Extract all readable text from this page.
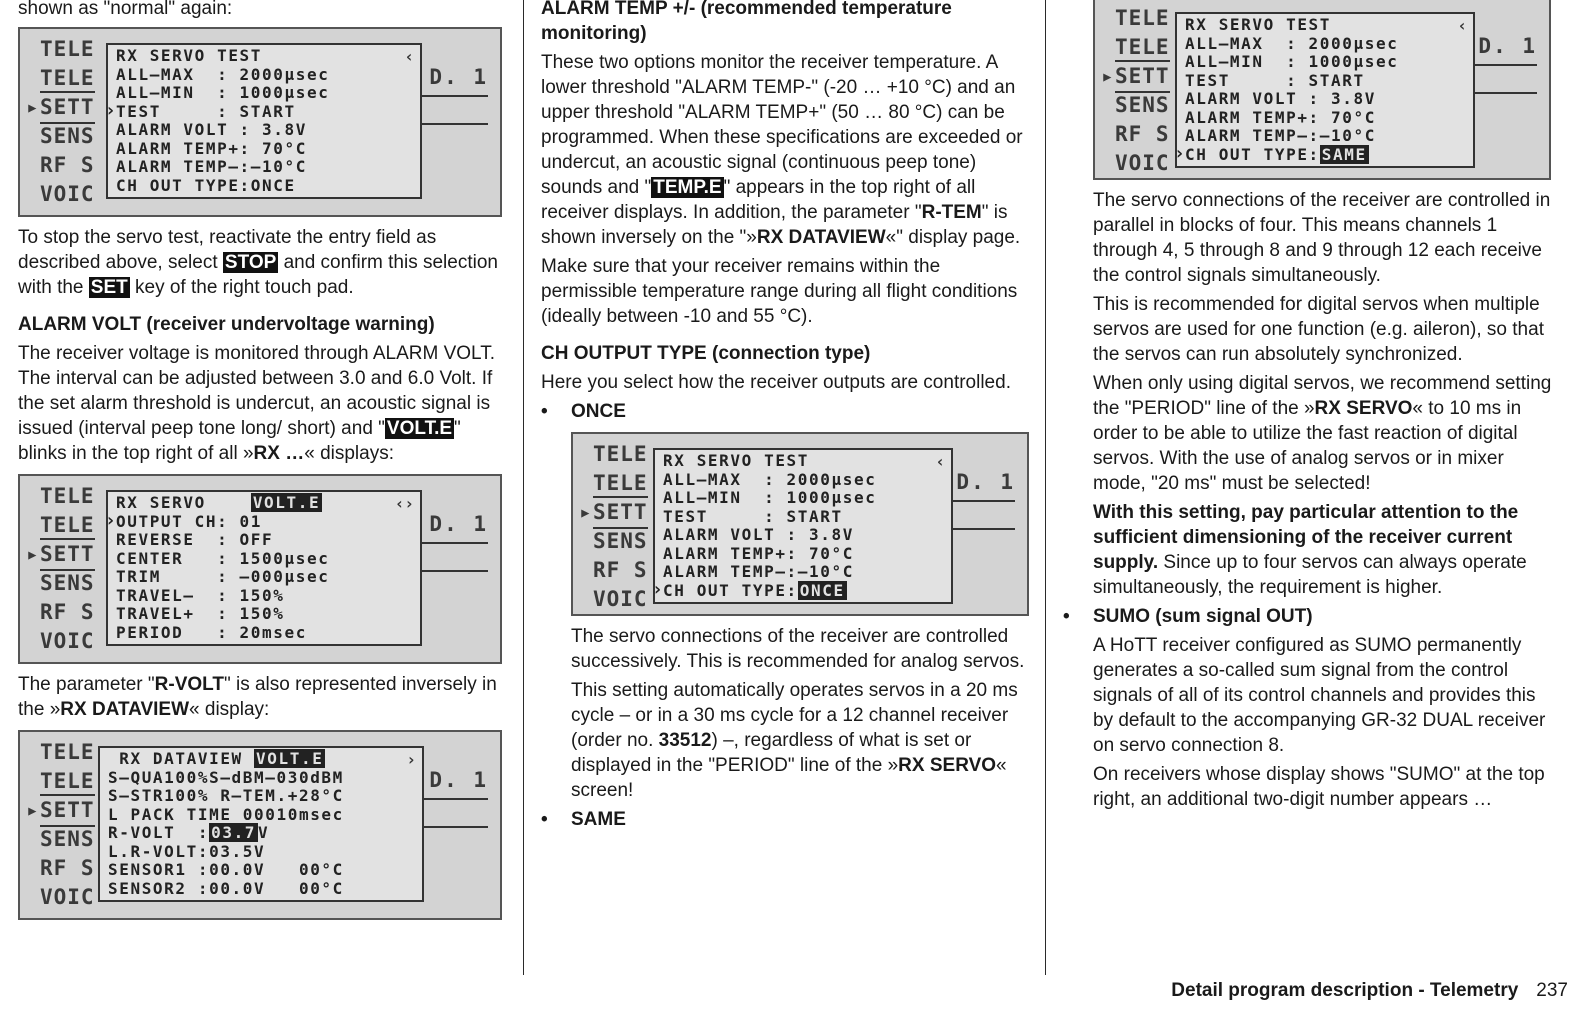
shown as "normal" again:

TELE
TELE
▸ SETT
SENS
RF S
VOIC
D. 1
‹
RX SERVO TEST
ALL–MAX  : 2000µsec
ALL–MIN  : 1000µsec
› TEST     : START
ALARM VOLT : 3.8V
ALARM TEMP+: 70°C
ALARM TEMP–:–10°C
CH OUT TYPE:ONCE

To stop the servo test, reactivate the entry field as described above, select STOP and confirm this selection with the SET key of the right touch pad.

ALARM VOLT (receiver undervoltage warning)

The receiver voltage is monitored through ALARM VOLT. The interval can be adjusted between 3.0 and 6.0 Volt. If the set alarm threshold is undercut, an acoustic signal is issued (interval peep tone long/ short) and " VOLT.E " blinks in the top right of all »RX …« displays:

TELE
TELE
▸ SETT
SENS
RF S
VOIC
D. 1
‹›
RX SERVO	VOLT.E
› OUTPUT CH: 01
REVERSE  : OFF
CENTER   : 1500µsec
TRIM     : –000µsec
TRAVEL–  : 150%
TRAVEL+  : 150%
PERIOD   : 20msec

The parameter "R-VOLT" is also represented inversely in the »RX DATAVIEW« display:

TELE
TELE
▸ SETT
SENS
RF S
VOIC
D. 1
›
RX DATAVIEW VOLT.E
S–QUA100%S–dBM–030dBM
S–STR100% R–TEM.+28°C
L PACK TIME 00010msec
R-VOLT  : 03.7 V
L.R-VOLT:03.5V
SENSOR1 :00.0V   00°C
SENSOR2 :00.0V   00°C

ALARM TEMP +/- (recommended temperature monitoring)

These two options monitor the receiver temperature. A lower threshold "ALARM TEMP-" (-20 … +10 °C) and an upper threshold "ALARM TEMP+" (50 … 80 °C) can be programmed. When these specifications are exceeded or undercut, an acoustic signal (continuous peep tone) sounds and " TEMP.E " appears in the top right of all receiver displays. In addition, the parameter "R-TEM" is shown inversely on the "»RX DATAVIEW«" display page.

Make sure that your receiver remains within the permissible temperature range during all flight conditions (ideally between -10 and 55 °C).

CH OUTPUT TYPE (connection type)

Here you select how the receiver outputs are controlled.

• ONCE

TELE
TELE
▸ SETT
SENS
RF S
VOIC
D. 1
‹
RX SERVO TEST
ALL–MAX  : 2000µsec
ALL–MIN  : 1000µsec
TEST     : START
ALARM VOLT : 3.8V
ALARM TEMP+: 70°C
ALARM TEMP–:–10°C
› CH OUT TYPE: ONCE

The servo connections of the receiver are controlled successively. This is recommended for analog servos.

This setting automatically operates servos in a 20 ms cycle – or in a 30 ms cycle for a 12 channel receiver (order no. 33512) –, regardless of what is set or displayed in the "PERIOD" line of the »RX SERVO« screen!

• SAME

TELE
TELE
▸ SETT
SENS
RF S
VOIC
D. 1
‹
RX SERVO TEST
ALL–MAX  : 2000µsec
ALL–MIN  : 1000µsec
TEST     : START
ALARM VOLT : 3.8V
ALARM TEMP+: 70°C
ALARM TEMP–:–10°C
› CH OUT TYPE: SAME

The servo connections of the receiver are controlled in parallel in blocks of four. This means channels 1 through 4, 5 through 8 and 9 through 12 each receive the control signals simultaneously.

This is recommended for digital servos when multiple servos are used for one function (e.g. aileron), so that the servos can run absolutely synchronized.

When only using digital servos, we recommend setting the "PERIOD" line of the »RX SERVO« to 10 ms in order to be able to utilize the fast reaction of digital servos. With the use of analog servos or in mixer mode, "20 ms" must be selected!

With this setting, pay particular attention to the sufficient dimensioning of the receiver current supply. Since up to four servos can always operate simultaneously, the requirement is higher.

• SUMO (sum signal OUT)

A HoTT receiver configured as SUMO permanently generates a so-called sum signal from the control signals of all of its control channels and provides this by default to the accompanying GR-32 DUAL receiver on servo connection 8.

On receivers whose display shows "SUMO" at the top right, an additional two-digit number appears …

Detail program description - Telemetry 237
